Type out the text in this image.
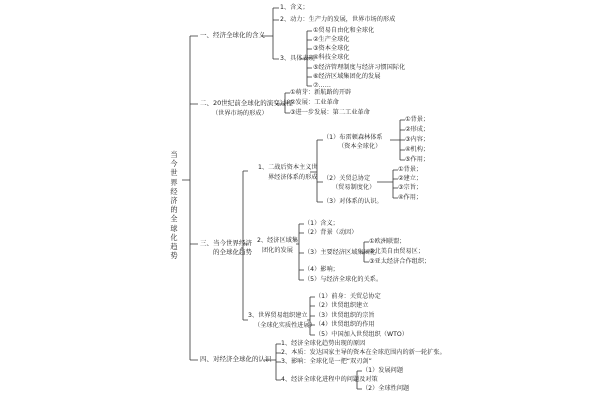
当今世界经济的全球化趋势
一、经济全球化的含义
1、含义；
2、动力：生产力的发展，世界市场的形成
3、具体表现
①贸易自由化和全球化
②生产全球化
③资本全球化
④科技全球化
⑤经济管理制度与经济习惯国际化
⑥经济区域集团化的发展
⑦……
二、20世纪前全球化的演变过程
（世界市场的形成）
①萌芽：新航路的开辟
②发展：工业革命
③进一步发展：第二工业革命
三、当今世界经济
的全球化趋势
1、二战后资本主义世
界经济体系的形成
（1）布雷顿森林体系
（资本全球化）
①背景；
②形成；
③内容；
④机构；
⑤作用；
（2）关贸总协定
（贸易制度化）
①背景；
②建立；
③宗旨；
④作用；
（3）对体系的认识。
2、经济区域集
团化的发展
（1）含义；
（2）背景（动因）
（3）主要经济区域集团化
①欧洲联盟；
②北美自由贸易区；
③亚太经济合作组织；
（4）影响；
（5）与经济全球化的关系。
3、世界贸易组织建立
（全球化实质性进展）
（1）前身：关贸总协定
（2）世贸组织建立
（3）世贸组织的宗旨
（4）世贸组织的作用
（5）中国加入世贸组织（WTO）
四、对经济全球化的认识
1、经济全球化趋势出现的原因
2、本质：发达国家主导的资本在全球范围内的新一轮扩张。
3、影响：全球化是一把“双刃剑”
4、经济全球化进程中的问题及对策
（1）发展问题
（2）全球性问题
